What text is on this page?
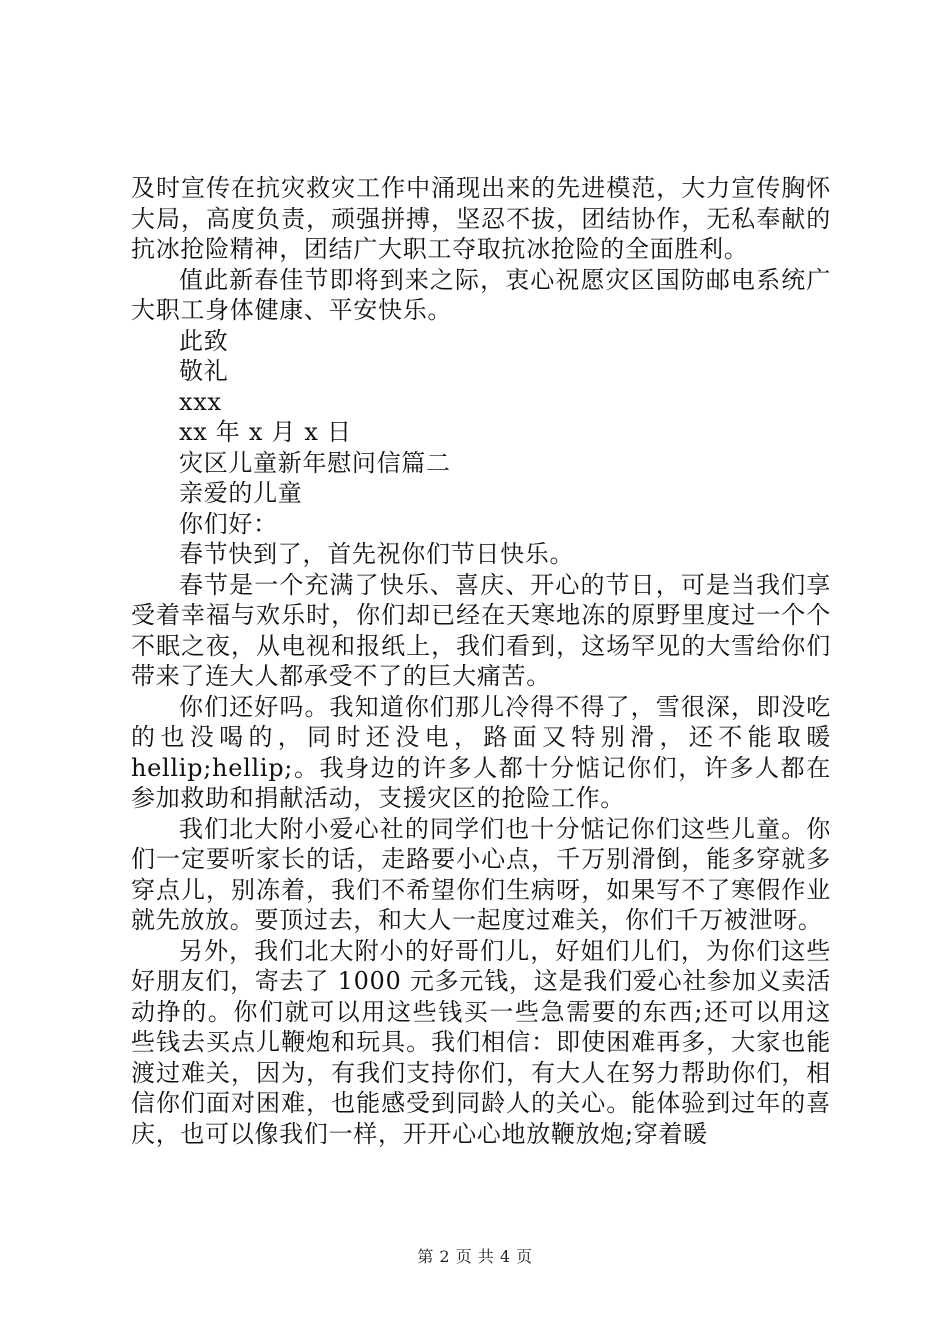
及时宣传在抗灾救灾工作中涌现出来的先进模范，大力宣传胸怀大局，高度负责，顽强拼搏，坚忍不拔，团结协作，无私奉献的抗冰抢险精神，团结广大职工夺取抗冰抢险的全面胜利。

值此新春佳节即将到来之际，衷心祝愿灾区国防邮电系统广大职工身体健康、平安快乐。

此致

敬礼

xxx

xx 年 x 月 x 日

灾区儿童新年慰问信篇二

亲爱的儿童

你们好：

春节快到了，首先祝你们节日快乐。

春节是一个充满了快乐、喜庆、开心的节日，可是当我们享受着幸福与欢乐时，你们却已经在天寒地冻的原野里度过一个个不眠之夜，从电视和报纸上，我们看到，这场罕见的大雪给你们带来了连大人都承受不了的巨大痛苦。

你们还好吗。我知道你们那儿冷得不得了，雪很深，即没吃的也没喝的，同时还没电，路面又特别滑，还不能取暖hellip;hellip;。我身边的许多人都十分惦记你们，许多人都在参加救助和捐献活动，支援灾区的抢险工作。

我们北大附小爱心社的同学们也十分惦记你们这些儿童。你们一定要听家长的话，走路要小心点，千万别滑倒，能多穿就多穿点儿，别冻着，我们不希望你们生病呀，如果写不了寒假作业就先放放。要顶过去，和大人一起度过难关，你们千万被泄呀。

另外，我们北大附小的好哥们儿，好姐们儿们，为你们这些好朋友们，寄去了 1000 元多元钱，这是我们爱心社参加义卖活动挣的。你们就可以用这些钱买一些急需要的东西;还可以用这些钱去买点儿鞭炮和玩具。我们相信：即使困难再多，大家也能渡过难关，因为，有我们支持你们，有大人在努力帮助你们，相信你们面对困难，也能感受到同龄人的关心。能体验到过年的喜庆，也可以像我们一样，开开心心地放鞭放炮;穿着暖

第 2 页 共 4 页
